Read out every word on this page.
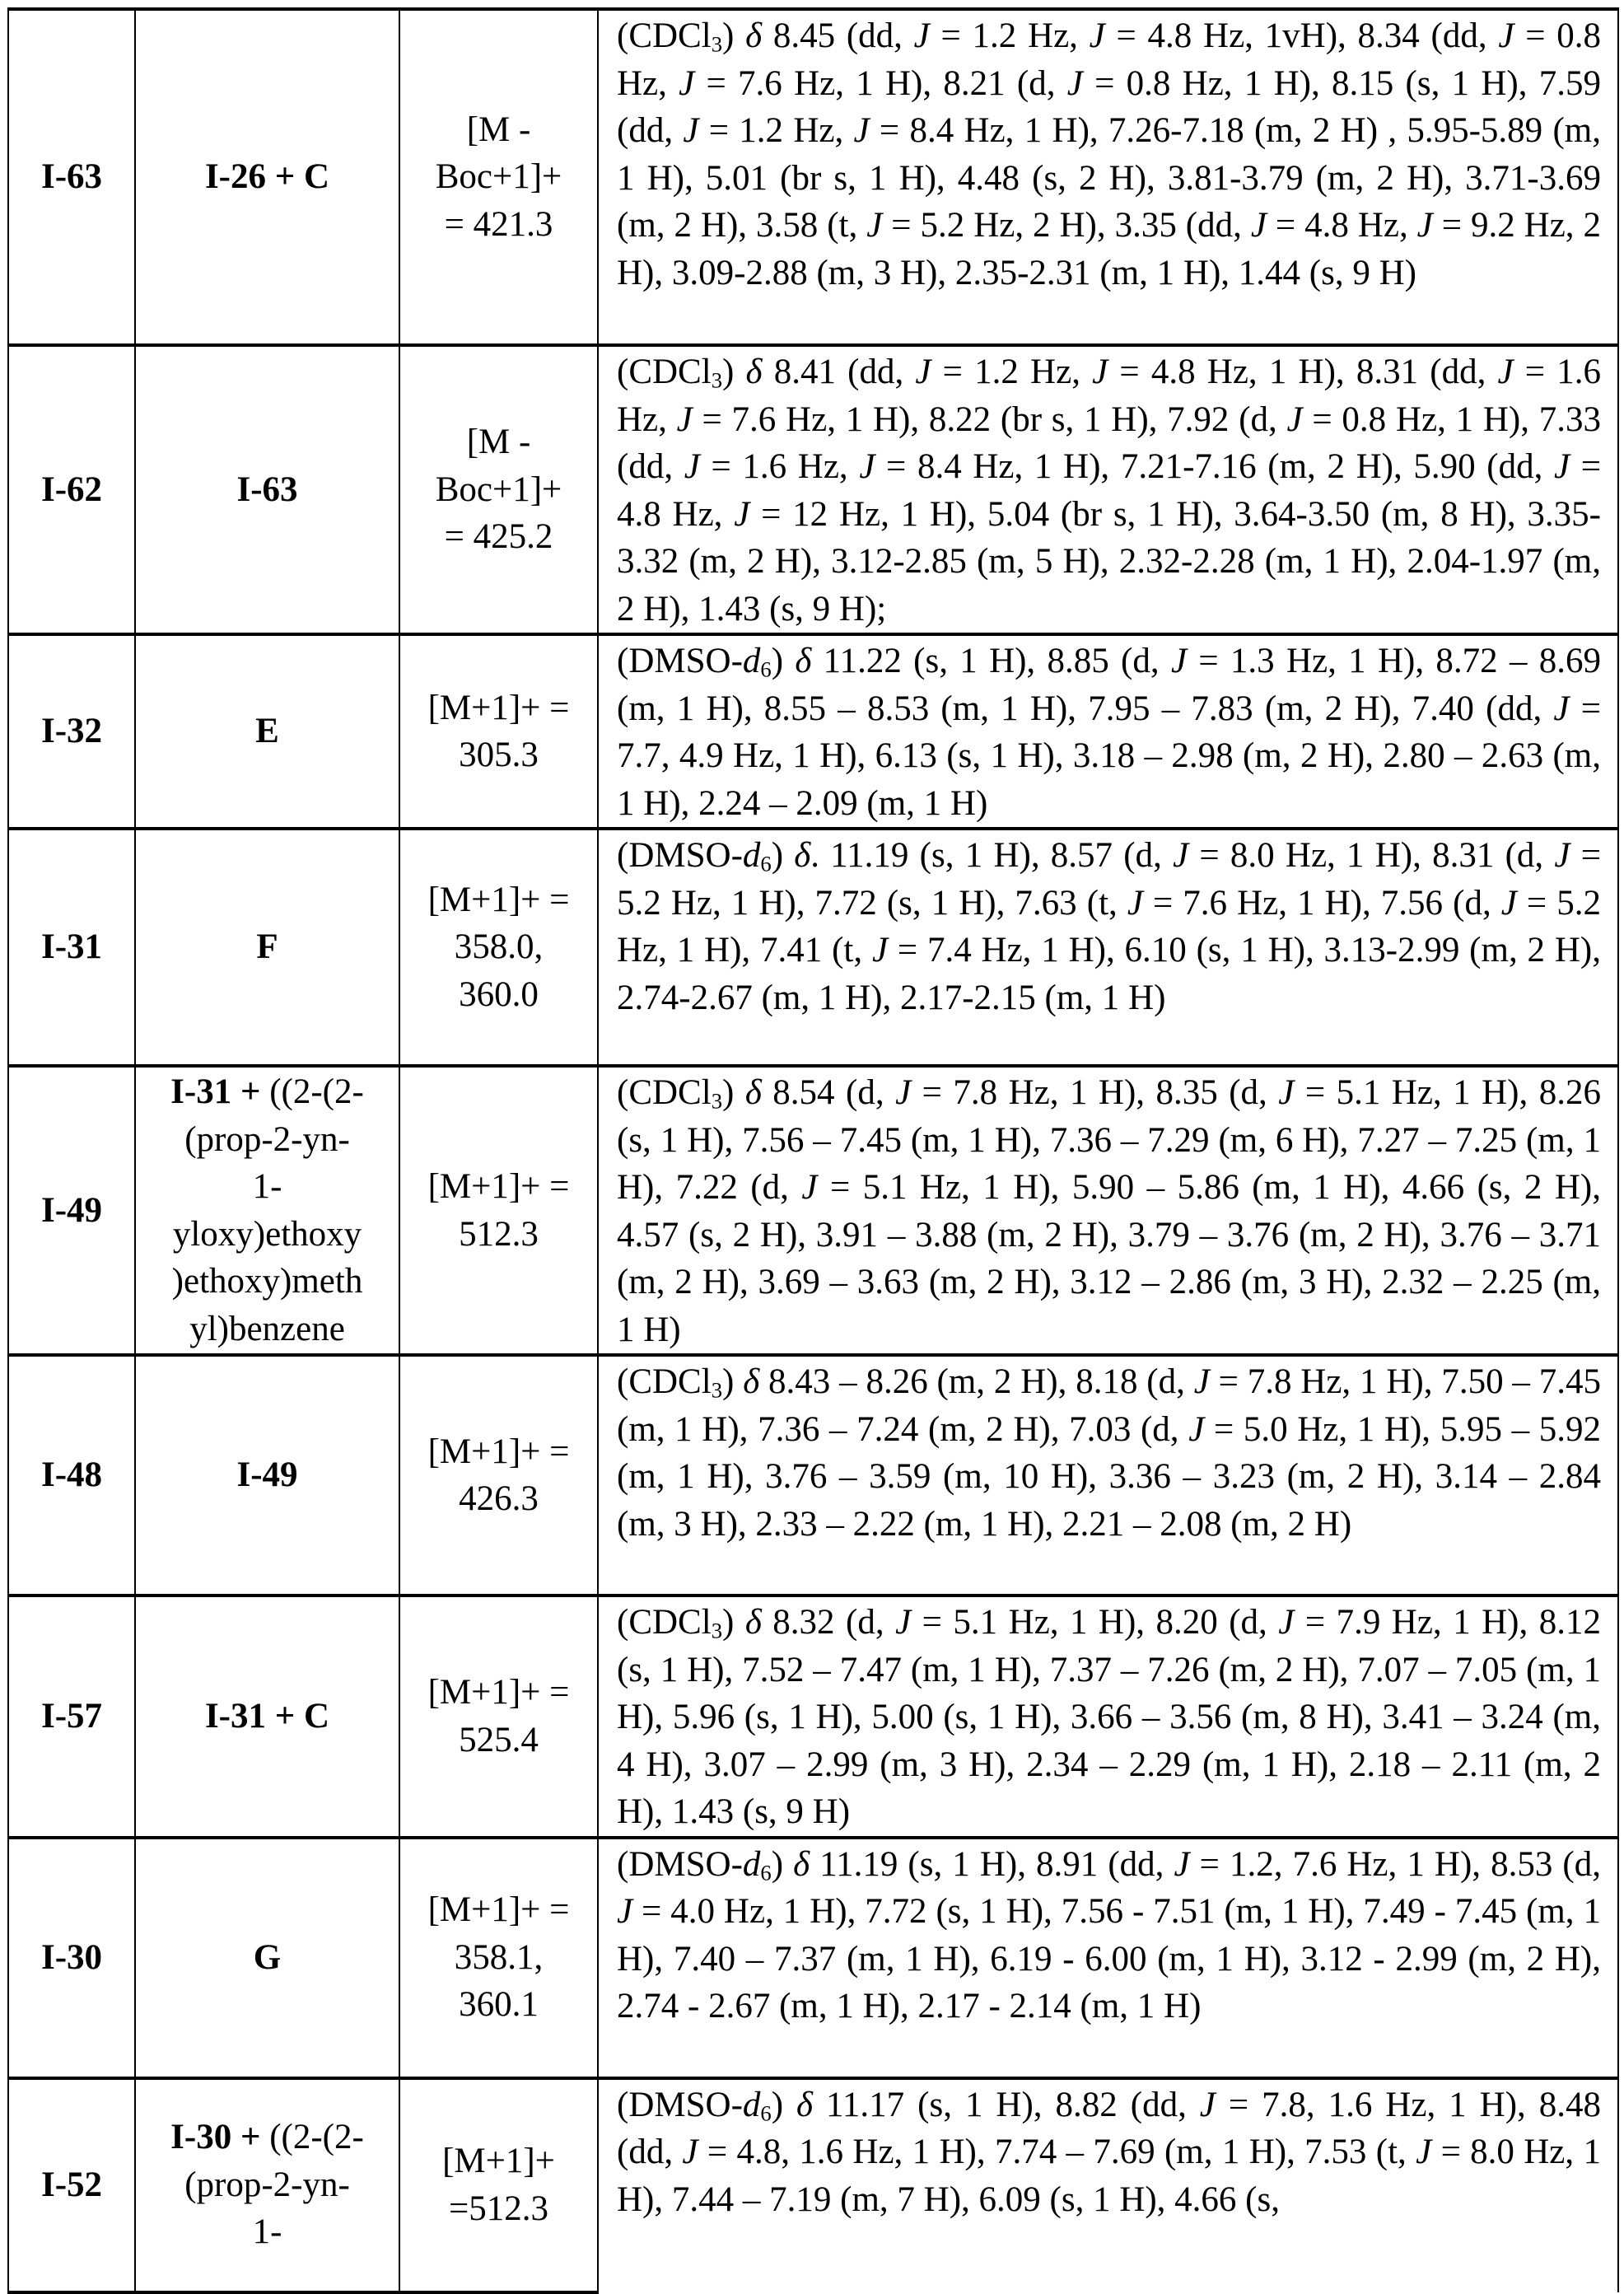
I-63	I-26 + C

[M -
Boc+1]+
= 421.3
	(CDCl3) δ 8.45 (dd, J = 1.2 Hz, J = 4.8 Hz, 1vH), 8.34 (dd, J = 0.8 Hz, J = 7.6 Hz, 1 H), 8.21 (d, J = 0.8 Hz, 1 H), 8.15 (s, 1 H), 7.59 (dd, J = 1.2 Hz, J = 8.4 Hz, 1 H), 7.26-7.18 (m, 2 H) , 5.95-5.89 (m, 1 H), 5.01 (br s, 1 H), 4.48 (s, 2 H), 3.81-3.79 (m, 2 H), 3.71-3.69 (m, 2 H), 3.58 (t, J = 5.2 Hz, 2 H), 3.35 (dd, J = 4.8 Hz, J = 9.2 Hz, 2 H), 3.09-2.88 (m, 3 H), 2.35-2.31 (m, 1 H), 1.44 (s, 9 H)
I-62	I-63

[M -
Boc+1]+
= 425.2
	(CDCl3) δ 8.41 (dd, J = 1.2 Hz, J = 4.8 Hz, 1 H), 8.31 (dd, J = 1.6 Hz, J = 7.6 Hz, 1 H), 8.22 (br s, 1 H), 7.92 (d, J = 0.8 Hz, 1 H), 7.33 (dd, J = 1.6 Hz, J = 8.4 Hz, 1 H), 7.21-7.16 (m, 2 H), 5.90 (dd, J = 4.8 Hz, J = 12 Hz, 1 H), 5.04 (br s, 1 H), 3.64-3.50 (m, 8 H), 3.35-3.32 (m, 2 H), 3.12-2.85 (m, 5 H), 2.32-2.28 (m, 1 H), 2.04-1.97 (m, 2 H), 1.43 (s, 9 H);
I-32	E

[M+1]+ =
305.3
	(DMSO-d6) δ 11.22 (s, 1 H), 8.85 (d, J = 1.3 Hz, 1 H), 8.72 – 8.69 (m, 1 H), 8.55 – 8.53 (m, 1 H), 7.95 – 7.83 (m, 2 H), 7.40 (dd, J = 7.7, 4.9 Hz, 1 H), 6.13 (s, 1 H), 3.18 – 2.98 (m, 2 H), 2.80 – 2.63 (m, 1 H), 2.24 – 2.09 (m, 1 H)
I-31	F

[M+1]+ =
358.0,
360.0
	(DMSO-d6) δ. 11.19 (s, 1 H), 8.57 (d, J = 8.0 Hz, 1 H), 8.31 (d, J = 5.2 Hz, 1 H), 7.72 (s, 1 H), 7.63 (t, J = 7.6 Hz, 1 H), 7.56 (d, J = 5.2 Hz, 1 H), 7.41 (t, J = 7.4 Hz, 1 H), 6.10 (s, 1 H), 3.13-2.99 (m, 2 H), 2.74-2.67 (m, 1 H), 2.17-2.15 (m, 1 H)
I-49	
I-31 + ((2-(2-
(prop-2-yn-
1-
yloxy)ethoxy
)ethoxy)meth
yl)benzene

[M+1]+ =
512.3
	(CDCl3) δ 8.54 (d, J = 7.8 Hz, 1 H), 8.35 (d, J = 5.1 Hz, 1 H), 8.26 (s, 1 H), 7.56 – 7.45 (m, 1 H), 7.36 – 7.29 (m, 6 H), 7.27 – 7.25 (m, 1 H), 7.22 (d, J = 5.1 Hz, 1 H), 5.90 – 5.86 (m, 1 H), 4.66 (s, 2 H), 4.57 (s, 2 H), 3.91 – 3.88 (m, 2 H), 3.79 – 3.76 (m, 2 H), 3.76 – 3.71 (m, 2 H), 3.69 – 3.63 (m, 2 H), 3.12 – 2.86 (m, 3 H), 2.32 – 2.25 (m, 1 H)
I-48	I-49

[M+1]+ =
426.3
	(CDCl3) δ 8.43 – 8.26 (m, 2 H), 8.18 (d, J = 7.8 Hz, 1 H), 7.50 – 7.45 (m, 1 H), 7.36 – 7.24 (m, 2 H), 7.03 (d, J = 5.0 Hz, 1 H), 5.95 – 5.92 (m, 1 H), 3.76 – 3.59 (m, 10 H), 3.36 – 3.23 (m, 2 H), 3.14 – 2.84 (m, 3 H), 2.33 – 2.22 (m, 1 H), 2.21 – 2.08 (m, 2 H)
I-57	I-31 + C

[M+1]+ =
525.4
	(CDCl3) δ 8.32 (d, J = 5.1 Hz, 1 H), 8.20 (d, J = 7.9 Hz, 1 H), 8.12 (s, 1 H), 7.52 – 7.47 (m, 1 H), 7.37 – 7.26 (m, 2 H), 7.07 – 7.05 (m, 1 H), 5.96 (s, 1 H), 5.00 (s, 1 H), 3.66 – 3.56 (m, 8 H), 3.41 – 3.24 (m, 4 H), 3.07 – 2.99 (m, 3 H), 2.34 – 2.29 (m, 1 H), 2.18 – 2.11 (m, 2 H), 1.43 (s, 9 H)
I-30	G

[M+1]+ =
358.1,
360.1
	(DMSO-d6) δ 11.19 (s, 1 H), 8.91 (dd, J = 1.2, 7.6 Hz, 1 H), 8.53 (d, J = 4.0 Hz, 1 H), 7.72 (s, 1 H), 7.56 - 7.51 (m, 1 H), 7.49 - 7.45 (m, 1 H), 7.40 – 7.37 (m, 1 H), 6.19 - 6.00 (m, 1 H), 3.12 - 2.99 (m, 2 H), 2.74 - 2.67 (m, 1 H), 2.17 - 2.14 (m, 1 H)
I-52	
I-30 + ((2-(2-
(prop-2-yn-
1-

[M+1]+
=512.3
	(DMSO-d6) δ 11.17 (s, 1 H), 8.82 (dd, J = 7.8, 1.6 Hz, 1 H), 8.48 (dd, J = 4.8, 1.6 Hz, 1 H), 7.74 – 7.69 (m, 1 H), 7.53 (t, J = 8.0 Hz, 1 H), 7.44 – 7.19 (m, 7 H), 6.09 (s, 1 H), 4.66 (s,
